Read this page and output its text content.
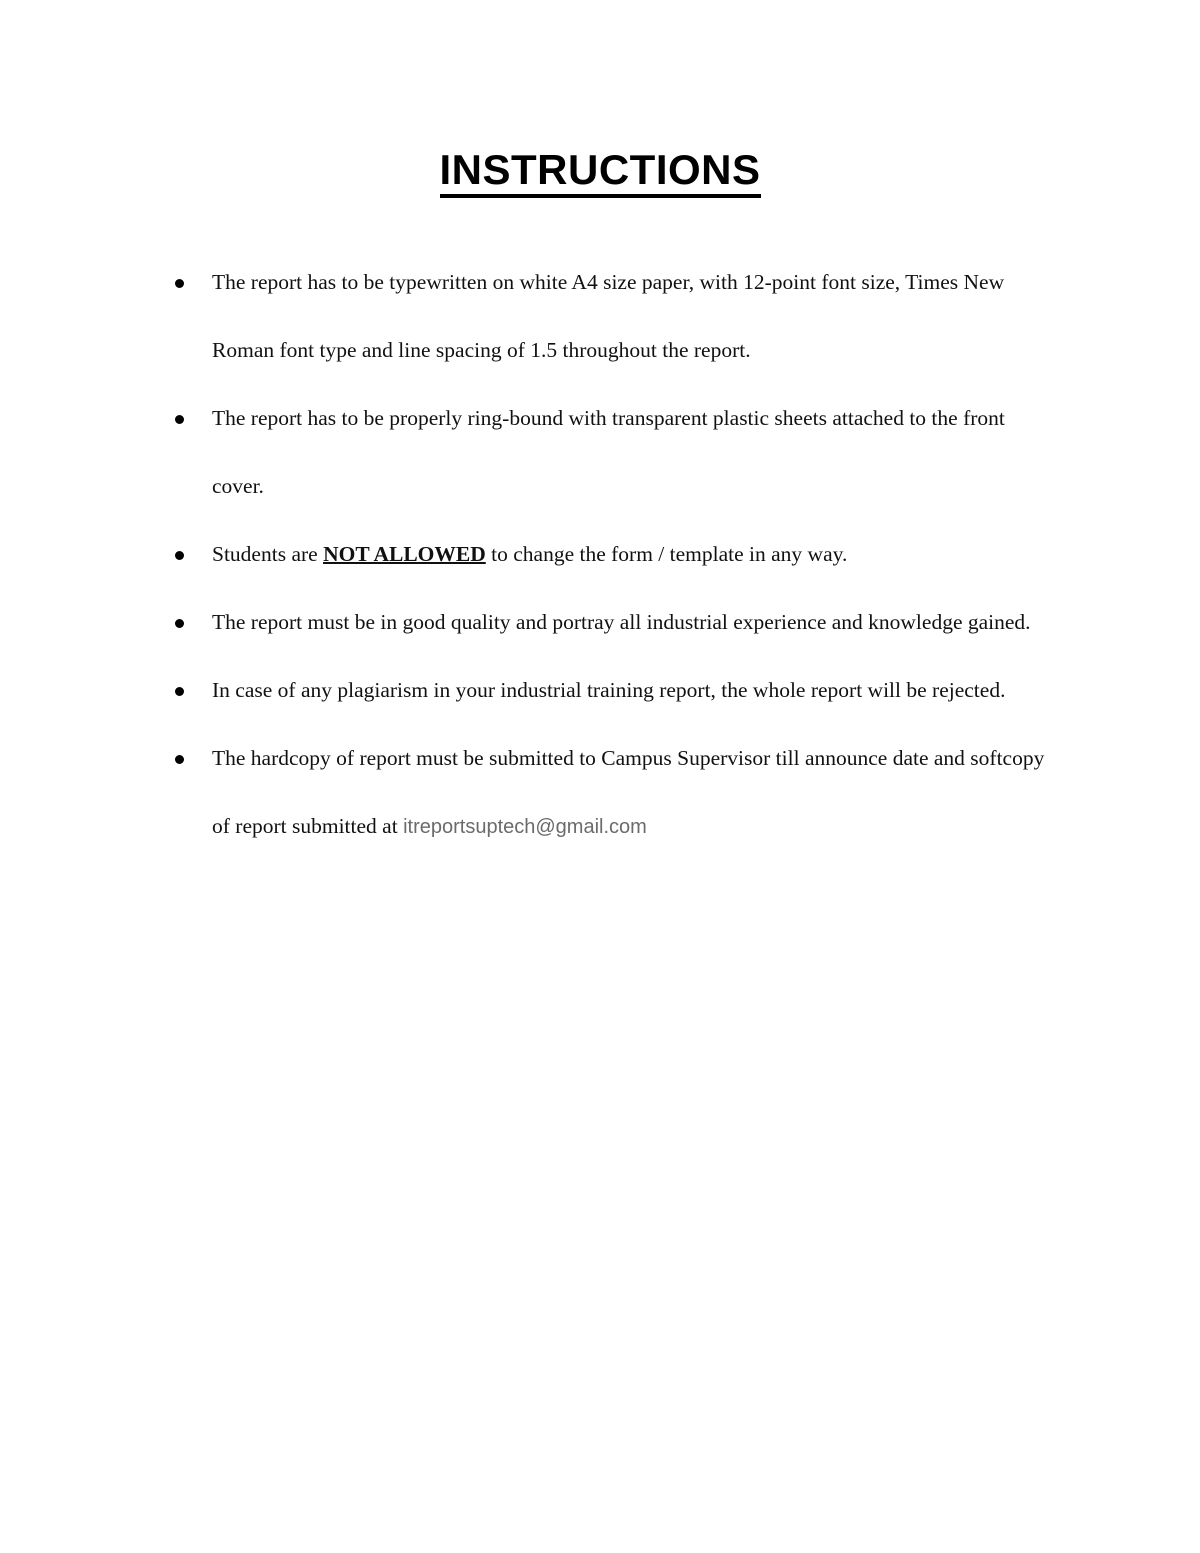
INSTRUCTIONS
The report has to be typewritten on white A4 size paper, with 12-point font size, Times New Roman font type and line spacing of 1.5 throughout the report.
The report has to be properly ring-bound with transparent plastic sheets attached to the front cover.
Students are NOT ALLOWED to change the form / template in any way.
The report must be in good quality and portray all industrial experience and knowledge gained.
In case of any plagiarism in your industrial training report, the whole report will be rejected.
The hardcopy of report must be submitted to Campus Supervisor till announce date and softcopy of report submitted at itreportsuptech@gmail.com
